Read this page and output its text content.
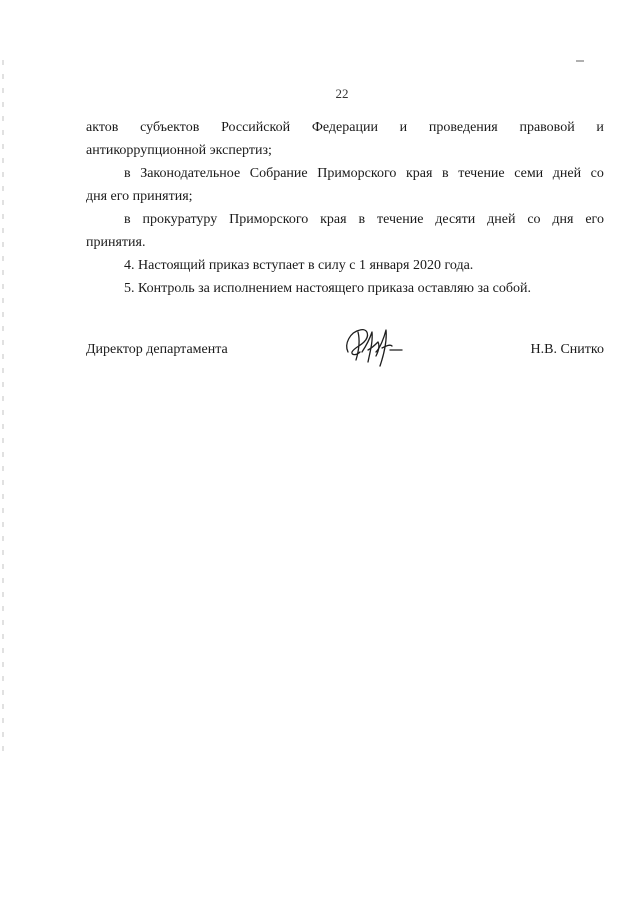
22
актов субъектов Российской Федерации и проведения правовой и
антикоррупционной экспертиз;
в Законодательное Собрание Приморского края в течение семи дней со
дня его принятия;
в прокуратуру Приморского края в течение десяти дней со дня его
принятия.
4. Настоящий приказ вступает в силу с 1 января 2020 года.
5. Контроль за исполнением настоящего приказа оставляю за собой.
Директор департамента	Н.В. Снитко
